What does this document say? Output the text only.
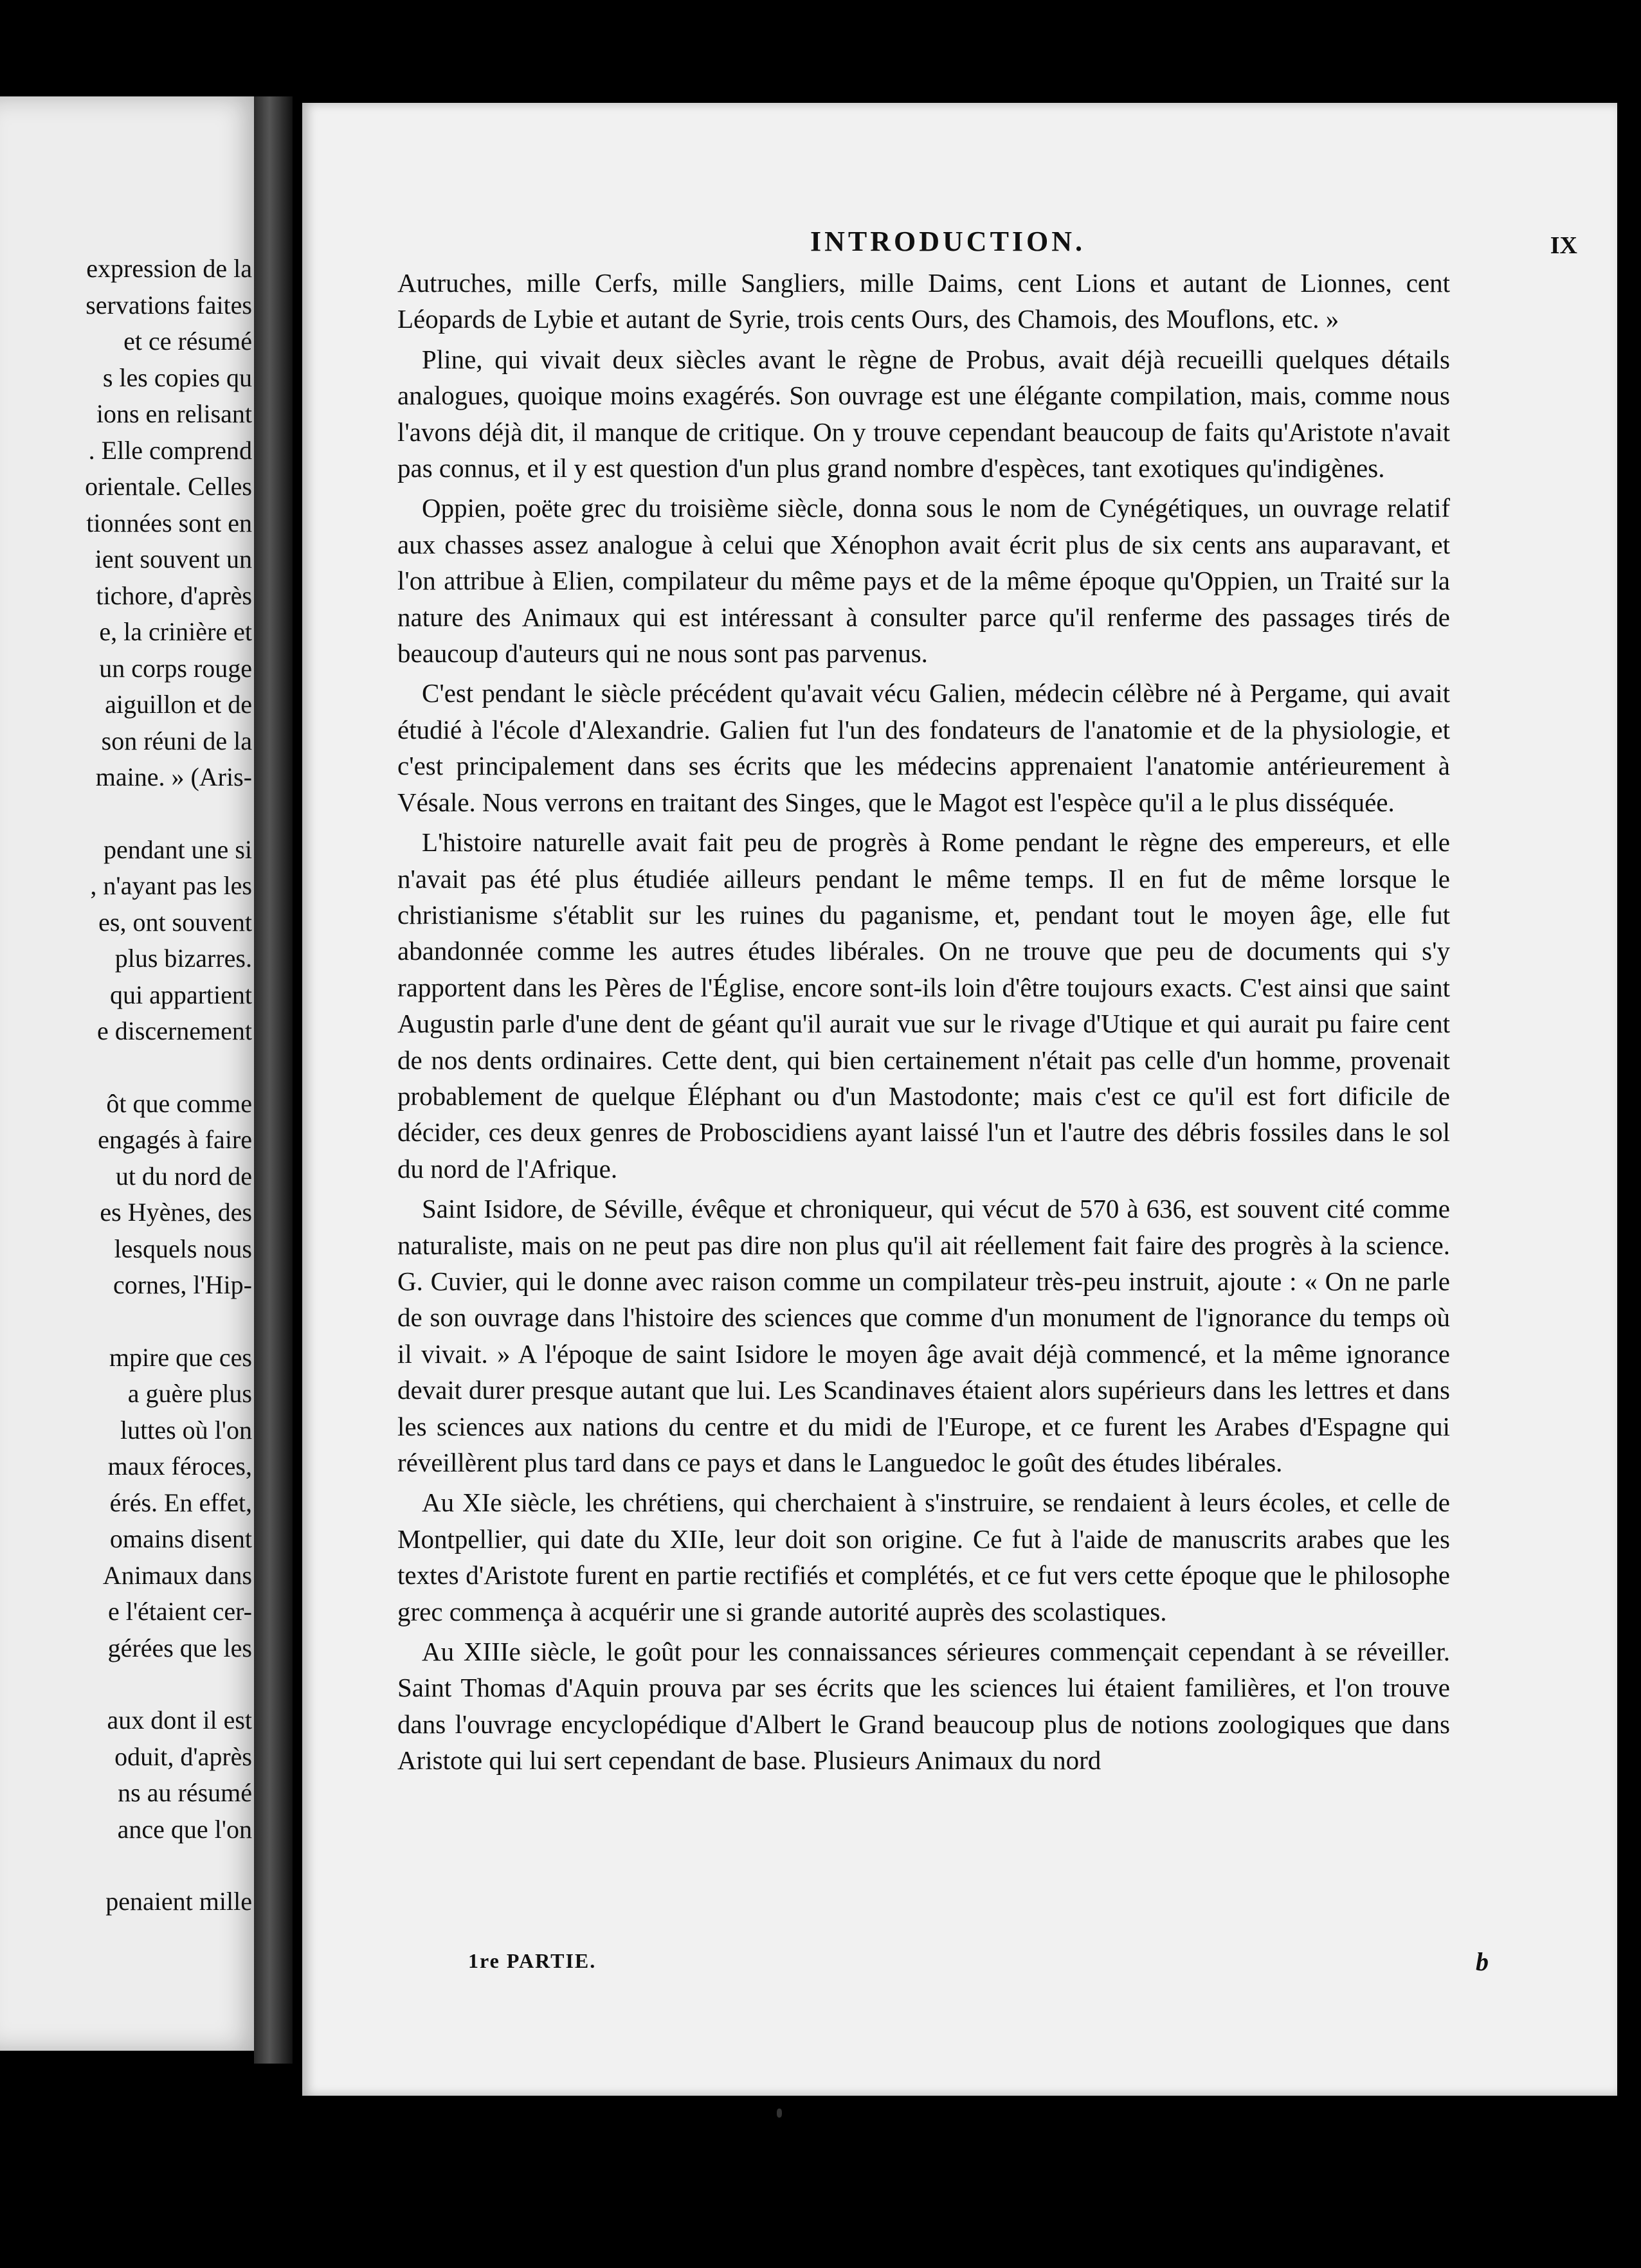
expression de la
servations faites
et ce résumé
s les copies qu
ions en relisant
. Elle comprend
orientale. Celles
tionnées sont en
ient souvent un
tichore, d'après
e, la crinière et
un corps rouge
aiguillon et de
son réuni de la
maine. » (Aris-
pendant une si
, n'ayant pas les
es, ont souvent
plus bizarres.
qui appartient
e discernement
ôt que comme
engagés à faire
ut du nord de
es Hyènes, des
lesquels nous
cornes, l'Hip-
mpire que ces
a guère plus
luttes où l'on
maux féroces,
érés. En effet,
omains disent
Animaux dans
e l'étaient cer-
gérées que les
aux dont il est
oduit, d'après
ns au résumé
ance que l'on
penaient mille
INTRODUCTION.	IX

Autruches, mille Cerfs, mille Sangliers, mille Daims, cent Lions et autant de Lionnes, cent Léopards de Lybie et autant de Syrie, trois cents Ours, des Chamois, des Mouflons, etc. »

Pline, qui vivait deux siècles avant le règne de Probus, avait déjà recueilli quelques détails analogues, quoique moins exagérés. Son ouvrage est une élégante compilation, mais, comme nous l'avons déjà dit, il manque de critique. On y trouve cependant beaucoup de faits qu'Aristote n'avait pas connus, et il y est question d'un plus grand nombre d'espèces, tant exotiques qu'indigènes.

Oppien, poëte grec du troisième siècle, donna sous le nom de Cynégétiques, un ouvrage relatif aux chasses assez analogue à celui que Xénophon avait écrit plus de six cents ans auparavant, et l'on attribue à Elien, compilateur du même pays et de la même époque qu'Oppien, un Traité sur la nature des Animaux qui est intéressant à consulter parce qu'il renferme des passages tirés de beaucoup d'auteurs qui ne nous sont pas parvenus.

C'est pendant le siècle précédent qu'avait vécu Galien, médecin célèbre né à Pergame, qui avait étudié à l'école d'Alexandrie. Galien fut l'un des fondateurs de l'anatomie et de la physiologie, et c'est principalement dans ses écrits que les médecins apprenaient l'anatomie antérieurement à Vésale. Nous verrons en traitant des Singes, que le Magot est l'espèce qu'il a le plus disséquée.

L'histoire naturelle avait fait peu de progrès à Rome pendant le règne des empereurs, et elle n'avait pas été plus étudiée ailleurs pendant le même temps. Il en fut de même lorsque le christianisme s'établit sur les ruines du paganisme, et, pendant tout le moyen âge, elle fut abandonnée comme les autres études libérales. On ne trouve que peu de documents qui s'y rapportent dans les Pères de l'Église, encore sont-ils loin d'être toujours exacts. C'est ainsi que saint Augustin parle d'une dent de géant qu'il aurait vue sur le rivage d'Utique et qui aurait pu faire cent de nos dents ordinaires. Cette dent, qui bien certainement n'était pas celle d'un homme, provenait probablement de quelque Éléphant ou d'un Mastodonte; mais c'est ce qu'il est fort dificile de décider, ces deux genres de Proboscidiens ayant laissé l'un et l'autre des débris fossiles dans le sol du nord de l'Afrique.

Saint Isidore, de Séville, évêque et chroniqueur, qui vécut de 570 à 636, est souvent cité comme naturaliste, mais on ne peut pas dire non plus qu'il ait réellement fait faire des progrès à la science. G. Cuvier, qui le donne avec raison comme un compilateur très-peu instruit, ajoute : « On ne parle de son ouvrage dans l'histoire des sciences que comme d'un monument de l'ignorance du temps où il vivait. » A l'époque de saint Isidore le moyen âge avait déjà commencé, et la même ignorance devait durer presque autant que lui. Les Scandinaves étaient alors supérieurs dans les lettres et dans les sciences aux nations du centre et du midi de l'Europe, et ce furent les Arabes d'Espagne qui réveillèrent plus tard dans ce pays et dans le Languedoc le goût des études libérales.

Au XIe siècle, les chrétiens, qui cherchaient à s'instruire, se rendaient à leurs écoles, et celle de Montpellier, qui date du XIIe, leur doit son origine. Ce fut à l'aide de manuscrits arabes que les textes d'Aristote furent en partie rectifiés et complétés, et ce fut vers cette époque que le philosophe grec commença à acquérir une si grande autorité auprès des scolastiques.

Au XIIIe siècle, le goût pour les connaissances sérieures commençait cependant à se réveiller. Saint Thomas d'Aquin prouva par ses écrits que les sciences lui étaient familières, et l'on trouve dans l'ouvrage encyclopédique d'Albert le Grand beaucoup plus de notions zoologiques que dans Aristote qui lui sert cependant de base. Plusieurs Animaux du nord

1re PARTIE.	b
